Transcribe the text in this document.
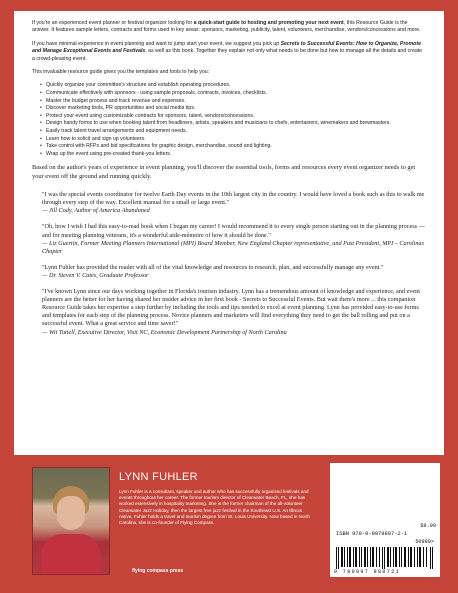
If you're an experienced event planner or festival organizer looking for a quick-start guide to hosting and promoting your next event, this Resource Guide is the answer. It features sample letters, contracts and forms used in key areas: sponsors, marketing, publicity, talent, volunteers, merchandise, vendors/concessions and more.

If you have minimal experience in event planning and want to jump start your event, we suggest you pick up Secrets to Successful Events: How to Organize, Promote and Manage Exceptional Events and Festivals, as well as this book. Together they explain not only what needs to be done but how to manage all the details and create a crowd-pleasing event.

This invaluable resource guide gives you the templates and tools to help you:

• Quickly organize your committee's structure and establish operating procedures.
• Communicate effectively with sponsors - using sample proposals, contracts, invoices, checklists.
• Master the budget process and track revenue and expenses.
• Discover marketing tools, PR opportunities and social media tips.
• Protect your event using customizable contracts for sponsors, talent, vendors/concessions.
• Design handy forms to use when booking talent from headliners, artists, speakers and musicians to chefs, entertainers, winemakers and brewmasters.
• Easily track talent travel arrangements and equipment needs.
• Learn how to solicit and sign up volunteers.
• Take control with RFPs and bid specifications for graphic design, merchandise, sound and lighting.
• Wrap up the event using pre-created thank-you letters.

Based on the author's years of experience in event planning, you'll discover the essential tools, forms and resources every event organizer needs to get your event off the ground and running quickly.

"I was the special events coordinator for twelve Earth Day events in the 10th largest city in the country. I would have loved a book such as this to walk me through every step of the way. Excellent manual for a small or large event."
— Jill Cody, Author of America Abandoned
"Oh, how I wish I had this easy-to-read book when I began my career! I would recommend it to every single person starting out in the planning process — and for meeting planning veterans, it's a wonderful aide-mémoire of how it should be done."
— Liz Guertin, Former Meeting Planners International (MPI) Board Member, New England Chapter representative, and Past President, MPI – Carolinas Chapter
"Lynn Fuhler has provided the reader with all of the vital knowledge and resources to research, plan, and successfully manage any event."
— Dr. Steven V. Cates, Graduate Professor
"I've known Lynn since our days working together in Florida's tourism industry. Lynn has a tremendous amount of knowledge and experience, and event planners are the better for her having shared her insider advice in her first book - Secrets to Successful Events. But wait there's more ... this companion Resource Guide takes her expertise a step further by including the tools and tips needed to excel at event planning. Lynn has provided easy-to-use forms and templates for each step of the planning process. Novice planners and marketers will find everything they need to get the ball rolling and put on a successful event. What a great service and time saver!"
— Wit Tuttell, Executive Director, Visit NC, Economic Development Partnership of North Carolina
LYNN FUHLER
Lynn Fuhler is a consultant, speaker and author who has successfully organized festivals and events throughout her career. The former tourism director of Clearwater Beach, FL, she has worked extensively in hospitality marketing. She is the former chairman of the all-volunteer Clearwater Jazz Holiday, then the largest free jazz festival in the Southeast U.S. An Illinois native, Fuhler holds a travel and tourism degree from St. Louis University. Now based in North Carolina, she is co-founder of Flying Compass.
flying compass press
$9.99
ISBN 978-0-9979807-2-1
50999>
9 780997 980721
